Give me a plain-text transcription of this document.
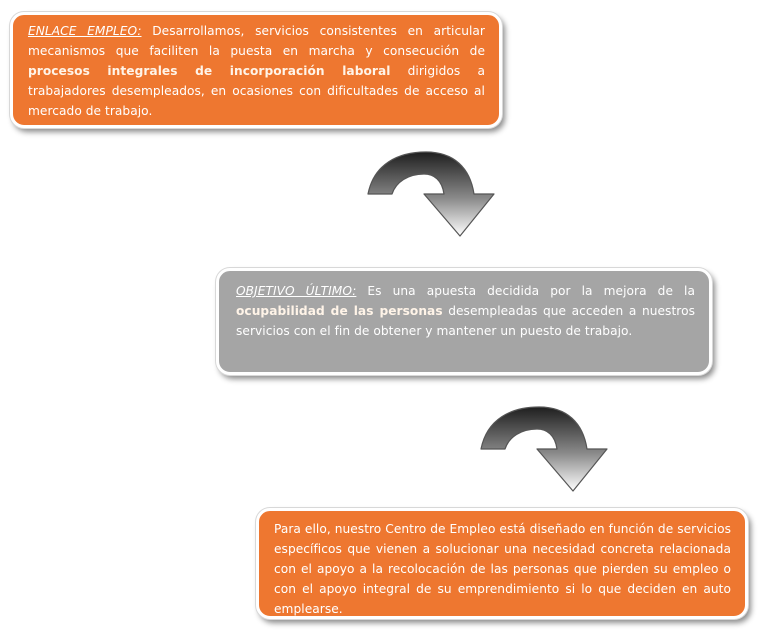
ENLACE EMPLEO: Desarrollamos, servicios consistentes en articular mecanismos que faciliten la puesta en marcha y consecución de procesos integrales de incorporación laboral dirigidos a trabajadores desempleados, en ocasiones con dificultades de acceso al mercado de trabajo.
OBJETIVO ÚLTIMO: Es una apuesta decidida por la mejora de la ocupabilidad de las personas desempleadas que acceden a nuestros servicios con el fin de obtener y mantener un puesto de trabajo.
Para ello, nuestro Centro de Empleo está diseñado en función de servicios específicos que vienen a solucionar una necesidad concreta relacionada con el apoyo a la recolocación de las personas que pierden su empleo o con el apoyo integral de su emprendimiento si lo que deciden en auto emplearse.
